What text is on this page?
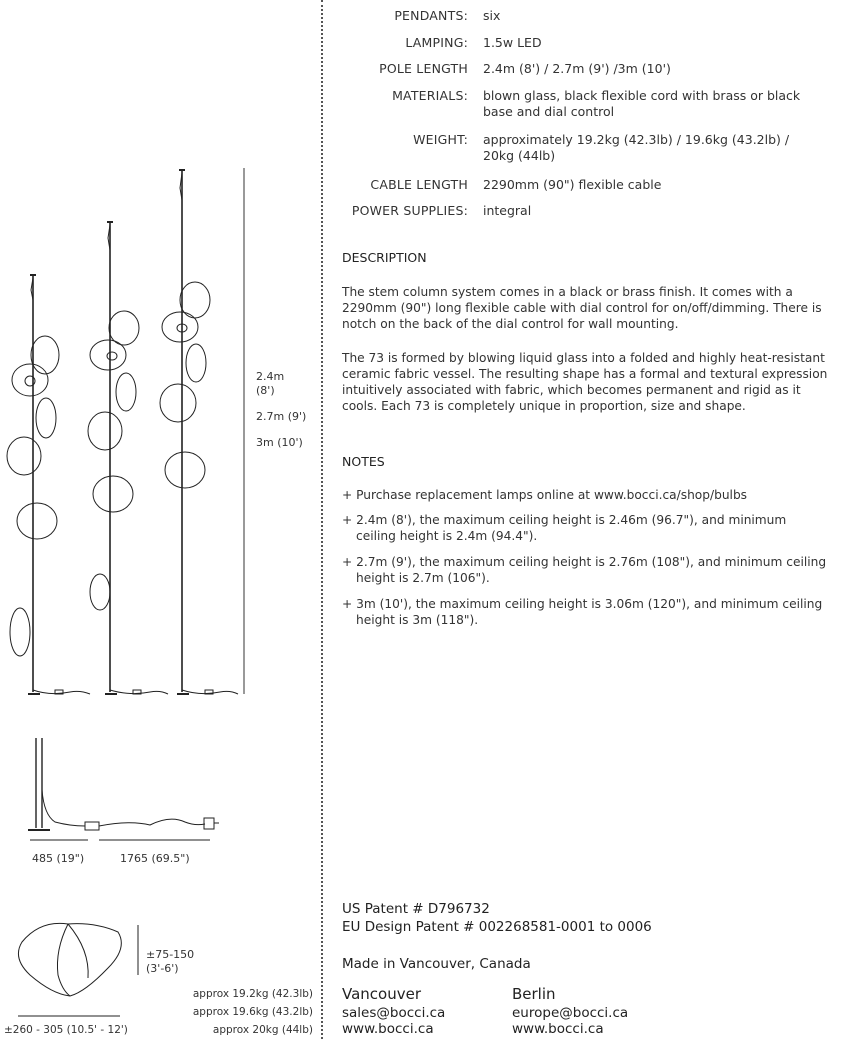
2.4m
(8')
2.7m (9')
3m (10')
485 (19")	1765 (69.5")
±75-150
(3'-6')
approx 19.2kg (42.3lb)
approx 19.6kg (43.2lb)
approx 20kg (44lb)
±260 - 305 (10.5' - 12')
PENDANTS: six
LAMPING: 1.5w LED
POLE LENGTH 2.4m (8') / 2.7m (9') /3m (10')
MATERIALS: blown glass, black flexible cord with brass or black base and dial control
WEIGHT: approximately 19.2kg (42.3lb) / 19.6kg (43.2lb) / 20kg (44lb)
CABLE LENGTH 2290mm (90") flexible cable
POWER SUPPLIES: integral
DESCRIPTION
The stem column system comes in a black or brass finish. It comes with a 2290mm (90") long flexible cable with dial control for on/off/dimming. There is notch on the back of the dial control for wall mounting.
The 73 is formed by blowing liquid glass into a folded and highly heat-resistant ceramic fabric vessel. The resulting shape has a formal and textural expression intuitively associated with fabric, which becomes permanent and rigid as it cools. Each 73 is completely unique in proportion, size and shape.
NOTES
+ Purchase replacement lamps online at www.bocci.ca/shop/bulbs
+ 2.4m (8'), the maximum ceiling height is 2.46m (96.7"), and minimum ceiling height is 2.4m (94.4").
+ 2.7m (9'), the maximum ceiling height is 2.76m (108"), and minimum ceiling height is 2.7m (106").
+ 3m (10'), the maximum ceiling height is 3.06m (120"), and minimum ceiling height is 3m (118").
US Patent # D796732
EU Design Patent # 002268581-0001 to 0006
Made in Vancouver, Canada
Vancouver
sales@bocci.ca
www.bocci.ca
Berlin
europe@bocci.ca
www.bocci.ca
